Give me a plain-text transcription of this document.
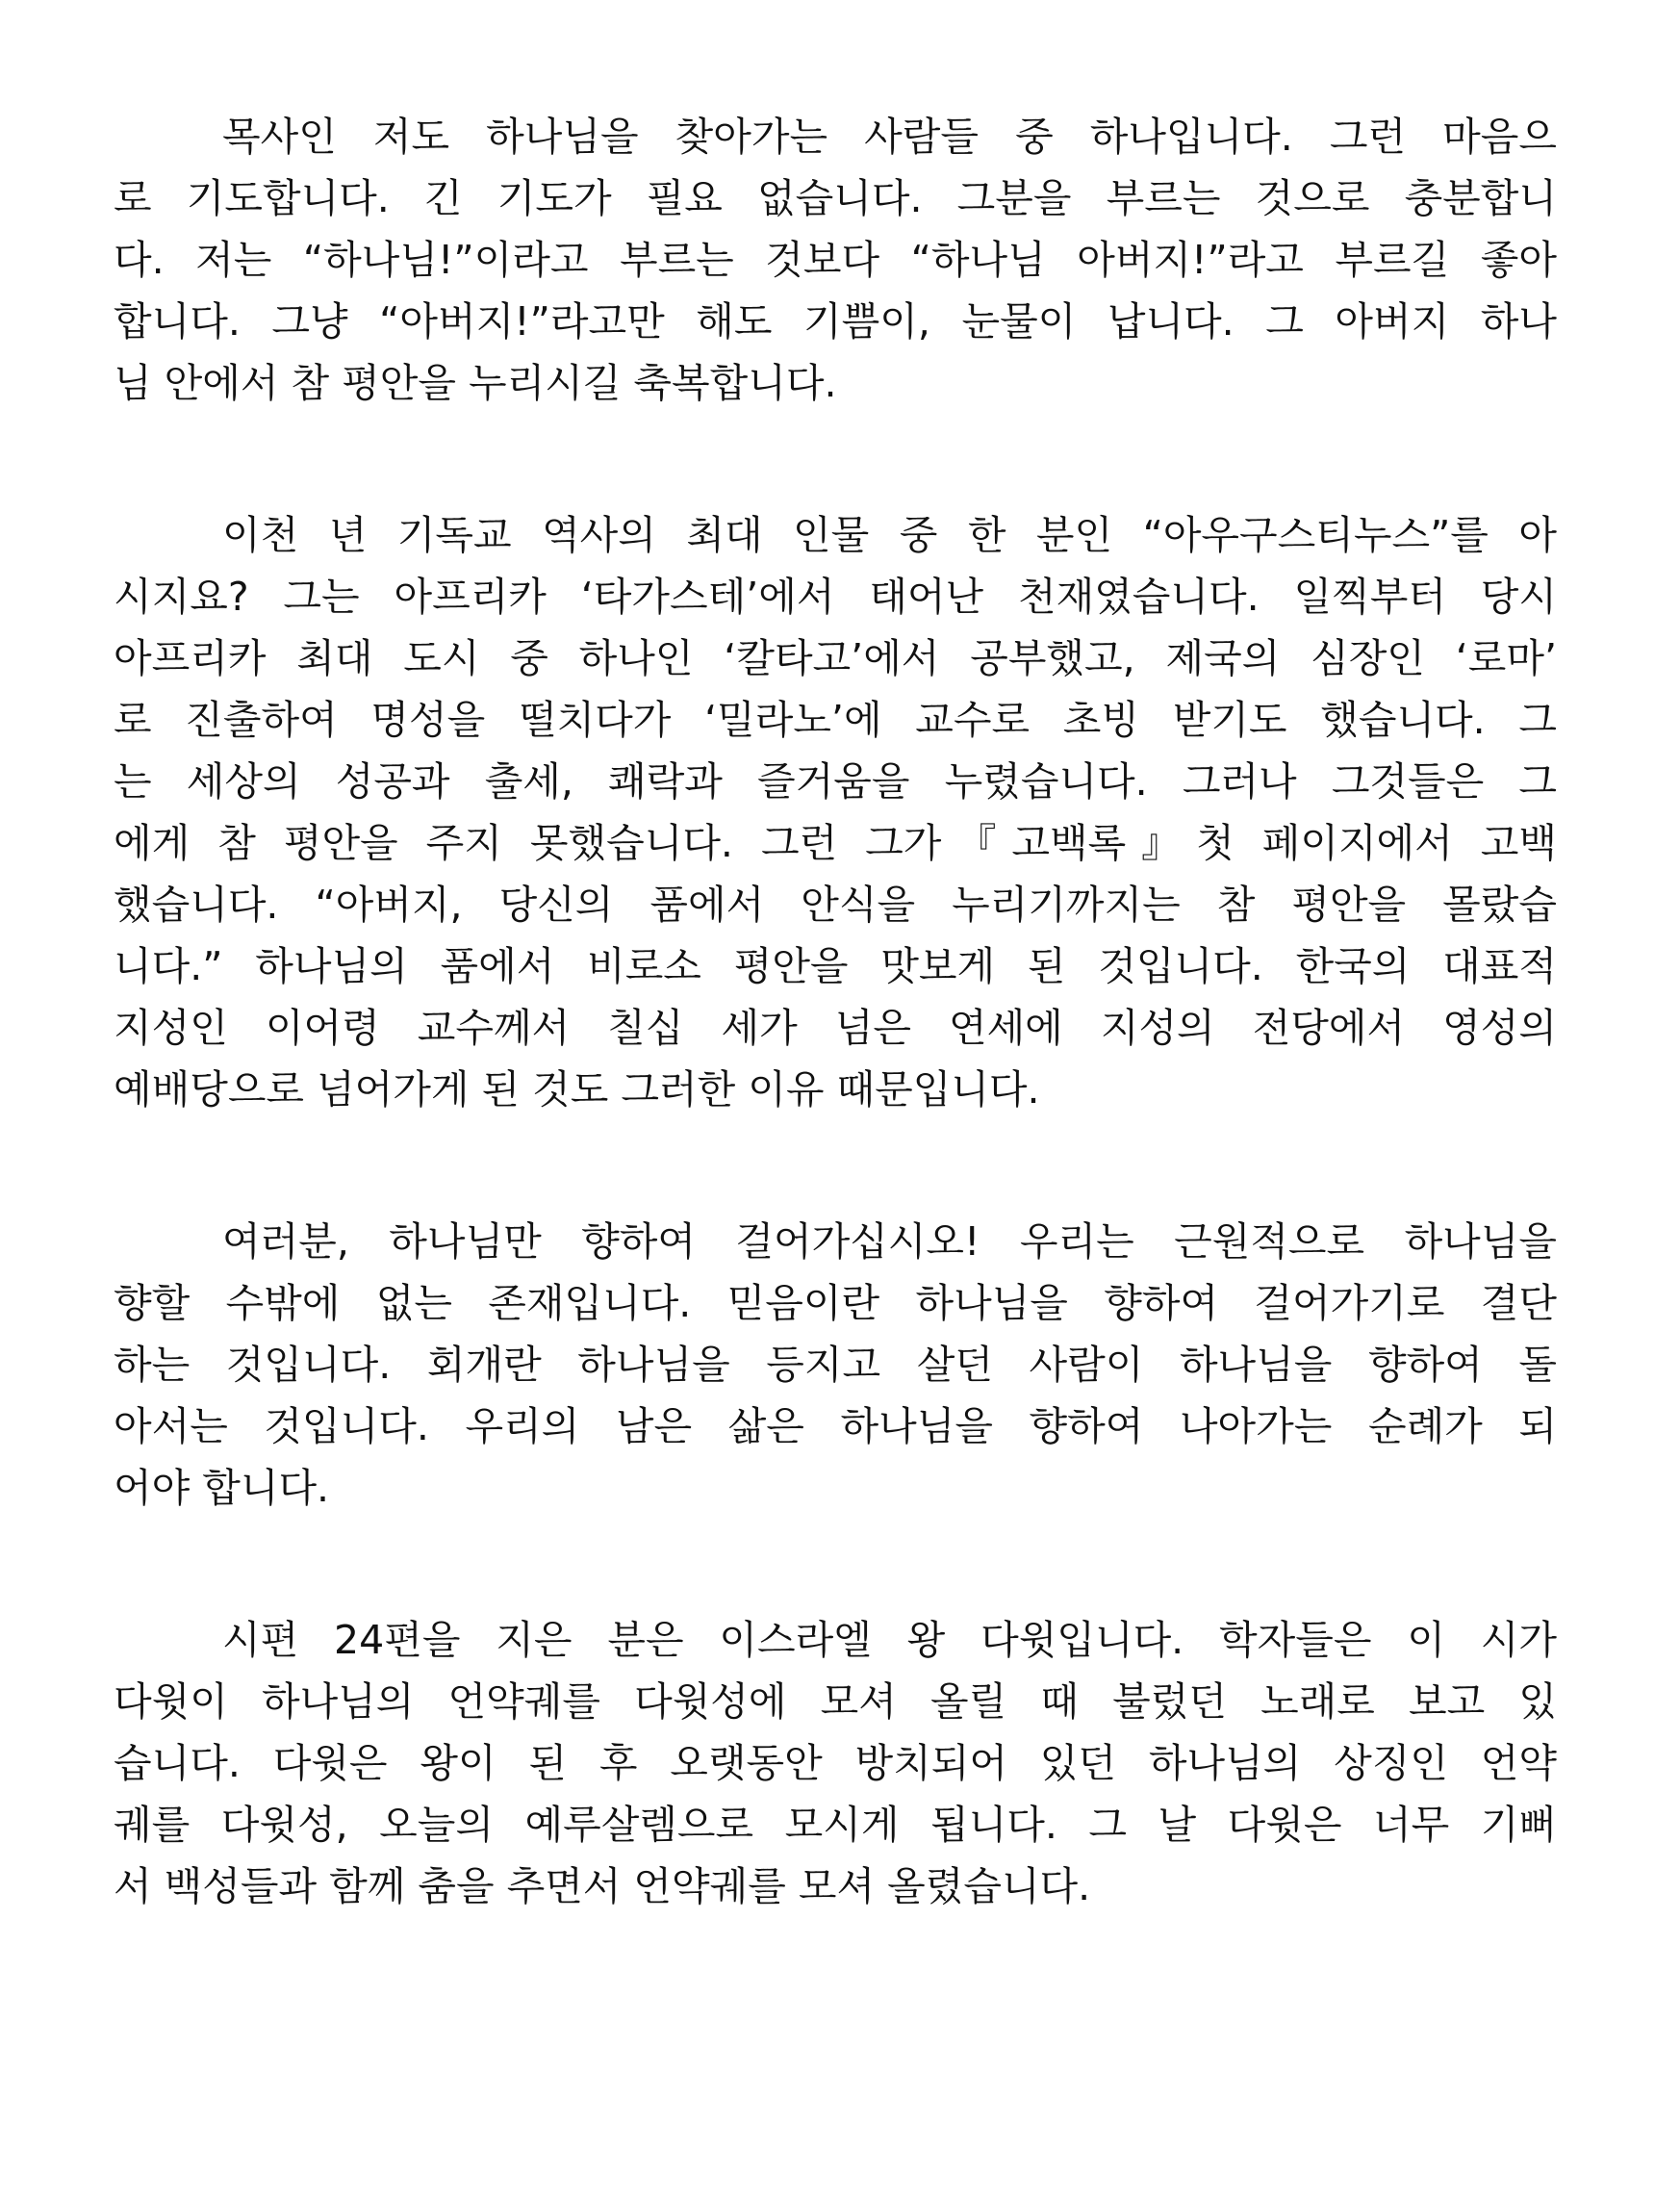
목사인 저도 하나님을 찾아가는 사람들 중 하나입니다. 그런 마음으
로 기도합니다. 긴 기도가 필요 없습니다. 그분을 부르는 것으로 충분합니
다. 저는 “하나님!”이라고 부르는 것보다 “하나님 아버지!”라고 부르길 좋아
합니다. 그냥 “아버지!”라고만 해도 기쁨이, 눈물이 납니다. 그 아버지 하나
님 안에서 참 평안을 누리시길 축복합니다.
이천 년 기독교 역사의 최대 인물 중 한 분인 “아우구스티누스”를 아
시지요? 그는 아프리카 ‘타가스테’에서 태어난 천재였습니다. 일찍부터 당시
아프리카 최대 도시 중 하나인 ‘칼타고’에서 공부했고, 제국의 심장인 ‘로마’
로 진출하여 명성을 떨치다가 ‘밀라노’에 교수로 초빙 받기도 했습니다. 그
는 세상의 성공과 출세, 쾌락과 즐거움을 누렸습니다. 그러나 그것들은 그
에게 참 평안을 주지 못했습니다. 그런 그가『고백록』첫 페이지에서 고백
했습니다. “아버지, 당신의 품에서 안식을 누리기까지는 참 평안을 몰랐습
니다.” 하나님의 품에서 비로소 평안을 맛보게 된 것입니다. 한국의 대표적
지성인 이어령 교수께서 칠십 세가 넘은 연세에 지성의 전당에서 영성의
예배당으로 넘어가게 된 것도 그러한 이유 때문입니다.
여러분, 하나님만 향하여 걸어가십시오! 우리는 근원적으로 하나님을
향할 수밖에 없는 존재입니다. 믿음이란 하나님을 향하여 걸어가기로 결단
하는 것입니다. 회개란 하나님을 등지고 살던 사람이 하나님을 향하여 돌
아서는 것입니다. 우리의 남은 삶은 하나님을 향하여 나아가는 순례가 되
어야 합니다.
시편 24편을 지은 분은 이스라엘 왕 다윗입니다. 학자들은 이 시가
다윗이 하나님의 언약궤를 다윗성에 모셔 올릴 때 불렀던 노래로 보고 있
습니다. 다윗은 왕이 된 후 오랫동안 방치되어 있던 하나님의 상징인 언약
궤를 다윗성, 오늘의 예루살렘으로 모시게 됩니다. 그 날 다윗은 너무 기뻐
서 백성들과 함께 춤을 추면서 언약궤를 모셔 올렸습니다.
